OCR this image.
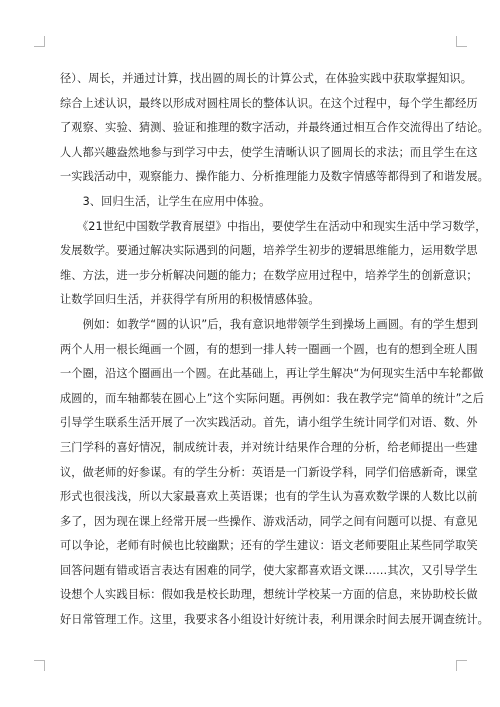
径）、周长，并通过计算，找出圆的周长的计算公式，在体验实践中获取掌握知识。
综合上述认识，最终以形成对圆柱周长的整体认识。在这个过程中，每个学生都经历
了观察、实验、猜测、验证和推理的数字活动，并最终通过相互合作交流得出了结论。
人人都兴趣盎然地参与到学习中去，使学生清晰认识了圆周长的求法；而且学生在这
一实践活动中，观察能力、操作能力、分析推理能力及数字情感等都得到了和谐发展。
　　3、回归生活，让学生在应用中体验。
　　《21世纪中国数学教育展望》中指出，要使学生在活动中和现实生活中学习数学，
发展数学。要通过解决实际遇到的问题，培养学生初步的逻辑思维能力，运用数学思
维、方法，进一步分析解决问题的能力；在数学应用过程中，培养学生的创新意识；
让数学回归生活，并获得学有所用的积极情感体验。
　　例如：如教学“圆的认识”后，我有意识地带领学生到操场上画圆。有的学生想到
两个人用一根长绳画一个圆，有的想到一排人转一圈画一个圆，也有的想到全班人围
一个圈，沿这个圈画出一个圆。在此基础上，再让学生解决“为何现实生活中车轮都做
成圆的，而车轴都装在圆心上”这个实际问题。再例如：我在教学完“简单的统计”之后
引导学生联系生活开展了一次实践活动。首先，请小组学生统计同学们对语、数、外
三门学科的喜好情况，制成统计表，并对统计结果作合理的分析，给老师提出一些建
议，做老师的好参谋。有的学生分析：英语是一门新设学科，同学们倍感新奇，课堂
形式也很浅浅，所以大家最喜欢上英语课；也有的学生认为喜欢数学课的人数比以前
多了，因为现在课上经常开展一些操作、游戏活动，同学之间有问题可以提、有意见
可以争论，老师有时候也比较幽默；还有的学生建议：语文老师要阻止某些同学取笑
回答问题有错或语言表达有困难的同学，使大家都喜欢语文课……其次，又引导学生
设想个人实践目标：假如我是校长助理，想统计学校某一方面的信息，来协助校长做
好日常管理工作。这里，我要求各小组设计好统计表，利用课余时间去展开调查统计。
